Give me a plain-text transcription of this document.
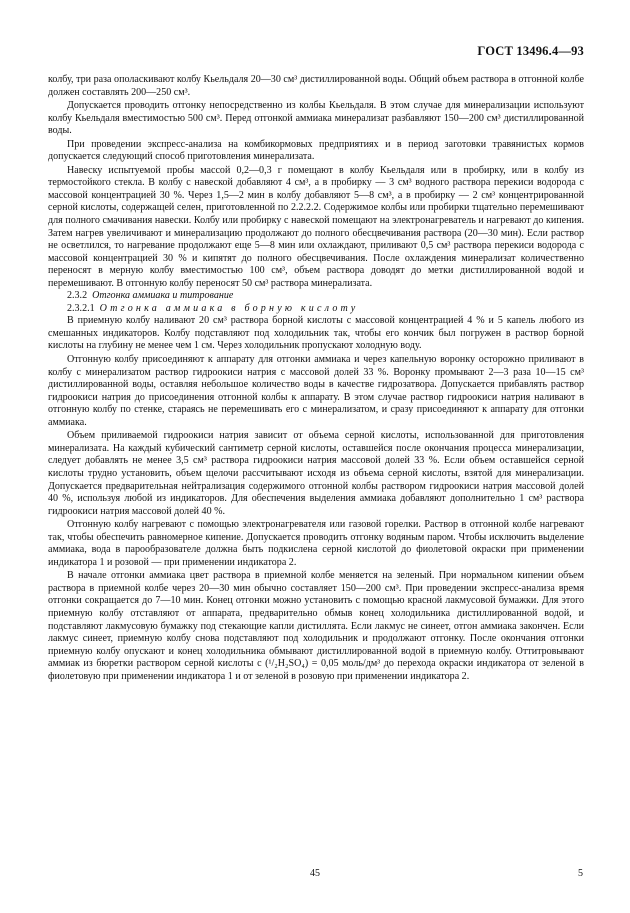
ГОСТ 13496.4—93

колбу, три раза ополаскивают колбу Кьельдаля 20—30 см³ дистиллированной воды. Общий объем раствора в отгонной колбе должен составлять 200—250 см³.

Допускается проводить отгонку непосредственно из колбы Кьельдаля. В этом случае для минерализации используют колбу Кьельдаля вместимостью 500 см³. Перед отгонкой аммиака минерализат разбавляют 150—200 см³ дистиллированной воды.

При проведении экспресс-анализа на комбикормовых предприятиях и в период заготовки травянистых кормов допускается следующий способ приготовления минерализата.

Навеску испытуемой пробы массой 0,2—0,3 г помещают в колбу Кьельдаля или в пробирку, или в колбу из термостойкого стекла. В колбу с навеской добавляют 4 см³, а в пробирку — 3 см³ водного раствора перекиси водорода с массовой концентрацией 30 %. Через 1,5—2 мин в колбу добавляют 5—8 см³, а в пробирку — 2 см³ концентрированной серной кислоты, содержащей селен, приготовленной по 2.2.2.2. Содержимое колбы или пробирки тщательно перемешивают для полного смачивания навески. Колбу или пробирку с навеской помещают на электронагреватель и нагревают до кипения. Затем нагрев увеличивают и минерализацию продолжают до полного обесцвечивания раствора (20—30 мин). Если раствор не осветлился, то нагревание продолжают еще 5—8 мин или охлаждают, приливают 0,5 см³ раствора перекиси водорода с массовой концентрацией 30 % и кипятят до полного обесцвечивания. После охлаждения минерализат количественно переносят в мерную колбу вместимостью 100 см³, объем раствора доводят до метки дистиллированной водой и перемешивают. В отгонную колбу переносят 50 см³ раствора минерализата.

2.3.2 Отгонка аммиака и титрование

2.3.2.1 Отгонка аммиака в борную кислоту

В приемную колбу наливают 20 см³ раствора борной кислоты с массовой концентрацией 4 % и 5 капель любого из смешанных индикаторов. Колбу подставляют под холодильник так, чтобы его кончик был погружен в раствор борной кислоты на глубину не менее чем 1 см. Через холодильник пропускают холодную воду.

Отгонную колбу присоединяют к аппарату для отгонки аммиака и через капельную воронку осторожно приливают в колбу с минерализатом раствор гидроокиси натрия с массовой долей 33 %. Воронку промывают 2—3 раза 10—15 см³ дистиллированной воды, оставляя небольшое количество воды в качестве гидрозатвора. Допускается прибавлять раствор гидроокиси натрия до присоединения отгонной колбы к аппарату. В этом случае раствор гидроокиси натрия наливают в отгонную колбу по стенке, стараясь не перемешивать его с минерализатом, и сразу присоединяют к аппарату для отгонки аммиака.

Объем приливаемой гидроокиси натрия зависит от объема серной кислоты, использованной для приготовления минерализата. На каждый кубический сантиметр серной кислоты, оставшейся после окончания процесса минерализации, следует добавлять не менее 3,5 см³ раствора гидроокиси натрия массовой долей 33 %. Если объем оставшейся серной кислоты трудно установить, объем щелочи рассчитывают исходя из объема серной кислоты, взятой для минерализации. Допускается предварительная нейтрализация содержимого отгонной колбы раствором гидроокиси натрия массовой долей 40 %, используя любой из индикаторов. Для обеспечения выделения аммиака добавляют дополнительно 1 см³ раствора гидроокиси натрия массовой долей 40 %.

Отгонную колбу нагревают с помощью электронагревателя или газовой горелки. Раствор в отгонной колбе нагревают так, чтобы обеспечить равномерное кипение. Допускается проводить отгонку водяным паром. Чтобы исключить выделение аммиака, вода в парообразователе должна быть подкислена серной кислотой до фиолетовой окраски при применении индикатора 1 и розовой — при применении индикатора 2.

В начале отгонки аммиака цвет раствора в приемной колбе меняется на зеленый. При нормальном кипении объем раствора в приемной колбе через 20—30 мин обычно составляет 150—200 см³. При проведении экспресс-анализа время отгонки сокращается до 7—10 мин. Конец отгонки можно установить с помощью красной лакмусовой бумажки. Для этого приемную колбу отставляют от аппарата, предварительно обмыв конец холодильника дистиллированной водой, и подставляют лакмусовую бумажку под стекающие капли дистиллята. Если лакмус не синеет, отгон аммиака закончен. Если лакмус синеет, приемную колбу снова подставляют под холодильник и продолжают отгонку. После окончания отгонки приемную колбу опускают и конец холодильника обмывают дистиллированной водой в приемную колбу. Оттитровывают аммиак из бюретки раствором серной кислоты c (¹/₂H₂SO₄) = 0,05 моль/дм³ до перехода окраски индикатора от зеленой в фиолетовую при применении индикатора 1 и от зеленой в розовую при применении индикатора 2.

45	5
